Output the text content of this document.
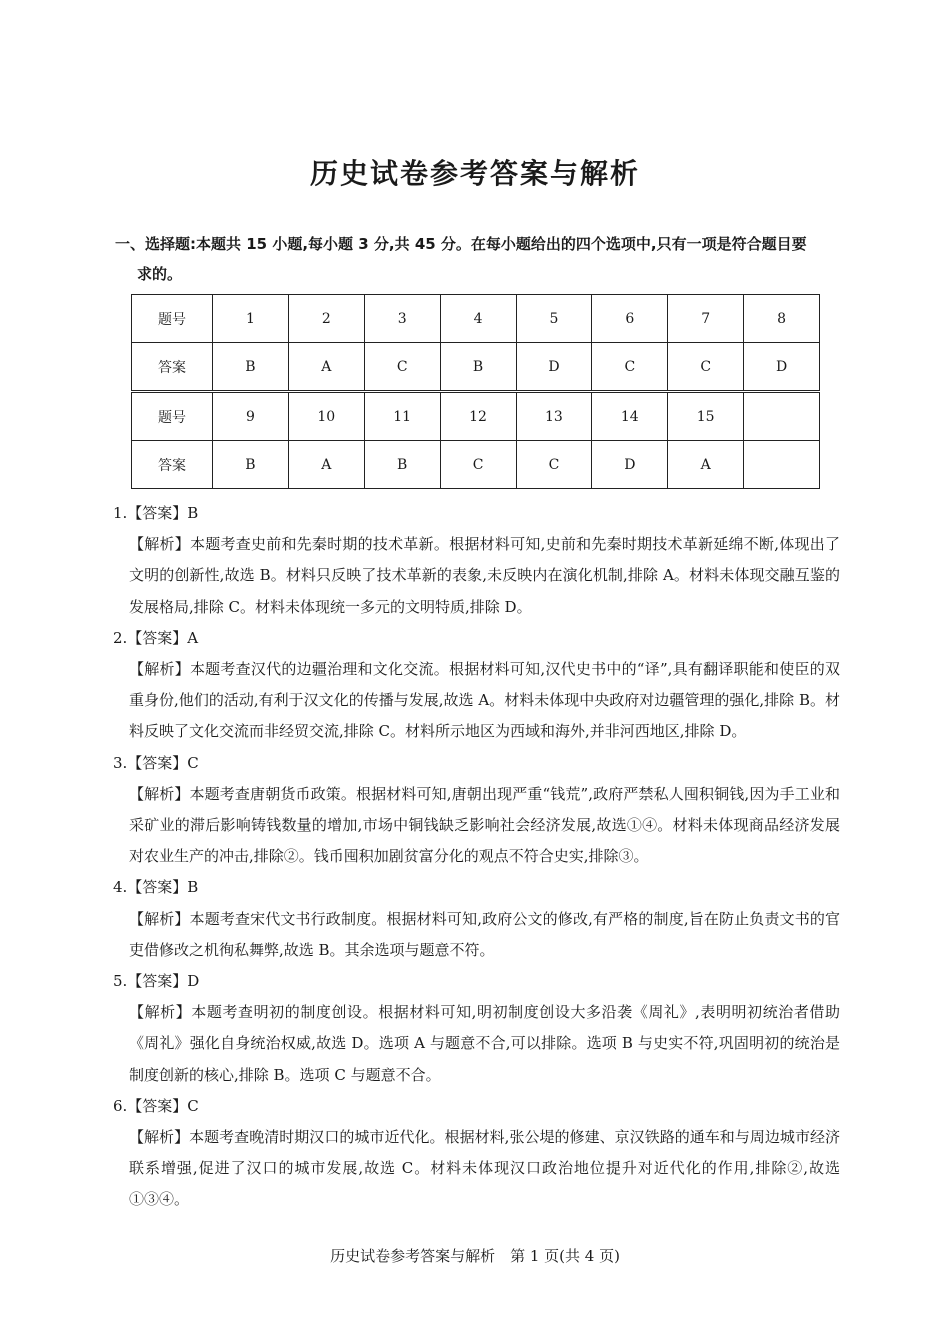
历史试卷参考答案与解析
一、选择题:本题共 15 小题,每小题 3 分,共 45 分。在每小题给出的四个选项中,只有一项是符合题目要
求的。
题号	1	2	3	4	5	6	7	8
答案	B	A	C	B	D	C	C	D
题号	9	10	11	12	13	14	15	
答案	B	A	B	C	C	D	A	
1.【答案】B
【解析】本题考查史前和先秦时期的技术革新。根据材料可知,史前和先秦时期技术革新延绵不断,体现出了文明的创新性,故选 B。材料只反映了技术革新的表象,未反映内在演化机制,排除 A。材料未体现交融互鉴的发展格局,排除 C。材料未体现统一多元的文明特质,排除 D。
2.【答案】A
【解析】本题考查汉代的边疆治理和文化交流。根据材料可知,汉代史书中的“译”,具有翻译职能和使臣的双重身份,他们的活动,有利于汉文化的传播与发展,故选 A。材料未体现中央政府对边疆管理的强化,排除 B。材料反映了文化交流而非经贸交流,排除 C。材料所示地区为西域和海外,并非河西地区,排除 D。
3.【答案】C
【解析】本题考查唐朝货币政策。根据材料可知,唐朝出现严重“钱荒”,政府严禁私人囤积铜钱,因为手工业和采矿业的滞后影响铸钱数量的增加,市场中铜钱缺乏影响社会经济发展,故选①④。材料未体现商品经济发展对农业生产的冲击,排除②。钱币囤积加剧贫富分化的观点不符合史实,排除③。
4.【答案】B
【解析】本题考查宋代文书行政制度。根据材料可知,政府公文的修改,有严格的制度,旨在防止负责文书的官吏借修改之机徇私舞弊,故选 B。其余选项与题意不符。
5.【答案】D
【解析】本题考查明初的制度创设。根据材料可知,明初制度创设大多沿袭《周礼》,表明明初统治者借助《周礼》强化自身统治权威,故选 D。选项 A 与题意不合,可以排除。选项 B 与史实不符,巩固明初的统治是制度创新的核心,排除 B。选项 C 与题意不合。
6.【答案】C
【解析】本题考查晚清时期汉口的城市近代化。根据材料,张公堤的修建、京汉铁路的通车和与周边城市经济联系增强,促进了汉口的城市发展,故选 C。材料未体现汉口政治地位提升对近代化的作用,排除②,故选①③④。
历史试卷参考答案与解析　第 1 页(共 4 页)
